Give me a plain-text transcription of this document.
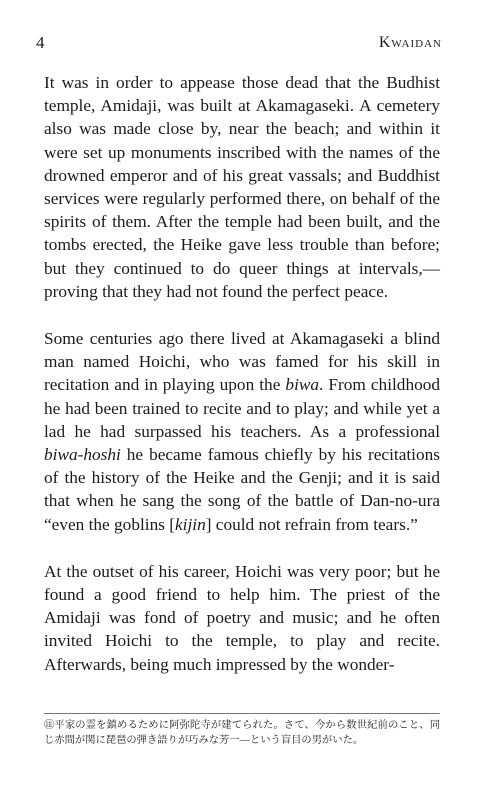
4	Kwaidan

It was in order to appease those dead that the Budhist temple, Amidaji, was built at Akamagaseki. A cemetery also was made close by, near the beach; and within it were set up monuments inscribed with the names of the drowned emperor and of his great vassals; and Buddhist services were regularly performed there, on behalf of the spirits of them. After the temple had been built, and the tombs erected, the Heike gave less trouble than before; but they continued to do queer things at intervals,—proving that they had not found the perfect peace.

Some centuries ago there lived at Akamagaseki a blind man named Hoichi, who was famed for his skill in recitation and in playing upon the biwa. From childhood he had been trained to recite and to play; and while yet a lad he had surpassed his teachers. As a professional biwa-hoshi he became famous chiefly by his recitations of the history of the Heike and the Genji; and it is said that when he sang the song of the battle of Dan-no-ura “even the goblins [kijin] could not refrain from tears.”

At the outset of his career, Hoichi was very poor; but he found a good friend to help him. The priest of the Amidaji was fond of poetry and music; and he often invited Hoichi to the temple, to play and recite. Afterwards, being much impressed by the wonder-

㊟平家の霊を鎮めるために阿弥陀寺が建てられた。さて、今から数世紀前のこと、同じ赤間が関に琵琶の弾き語りが巧みな芳一—という盲目の男がいた。
